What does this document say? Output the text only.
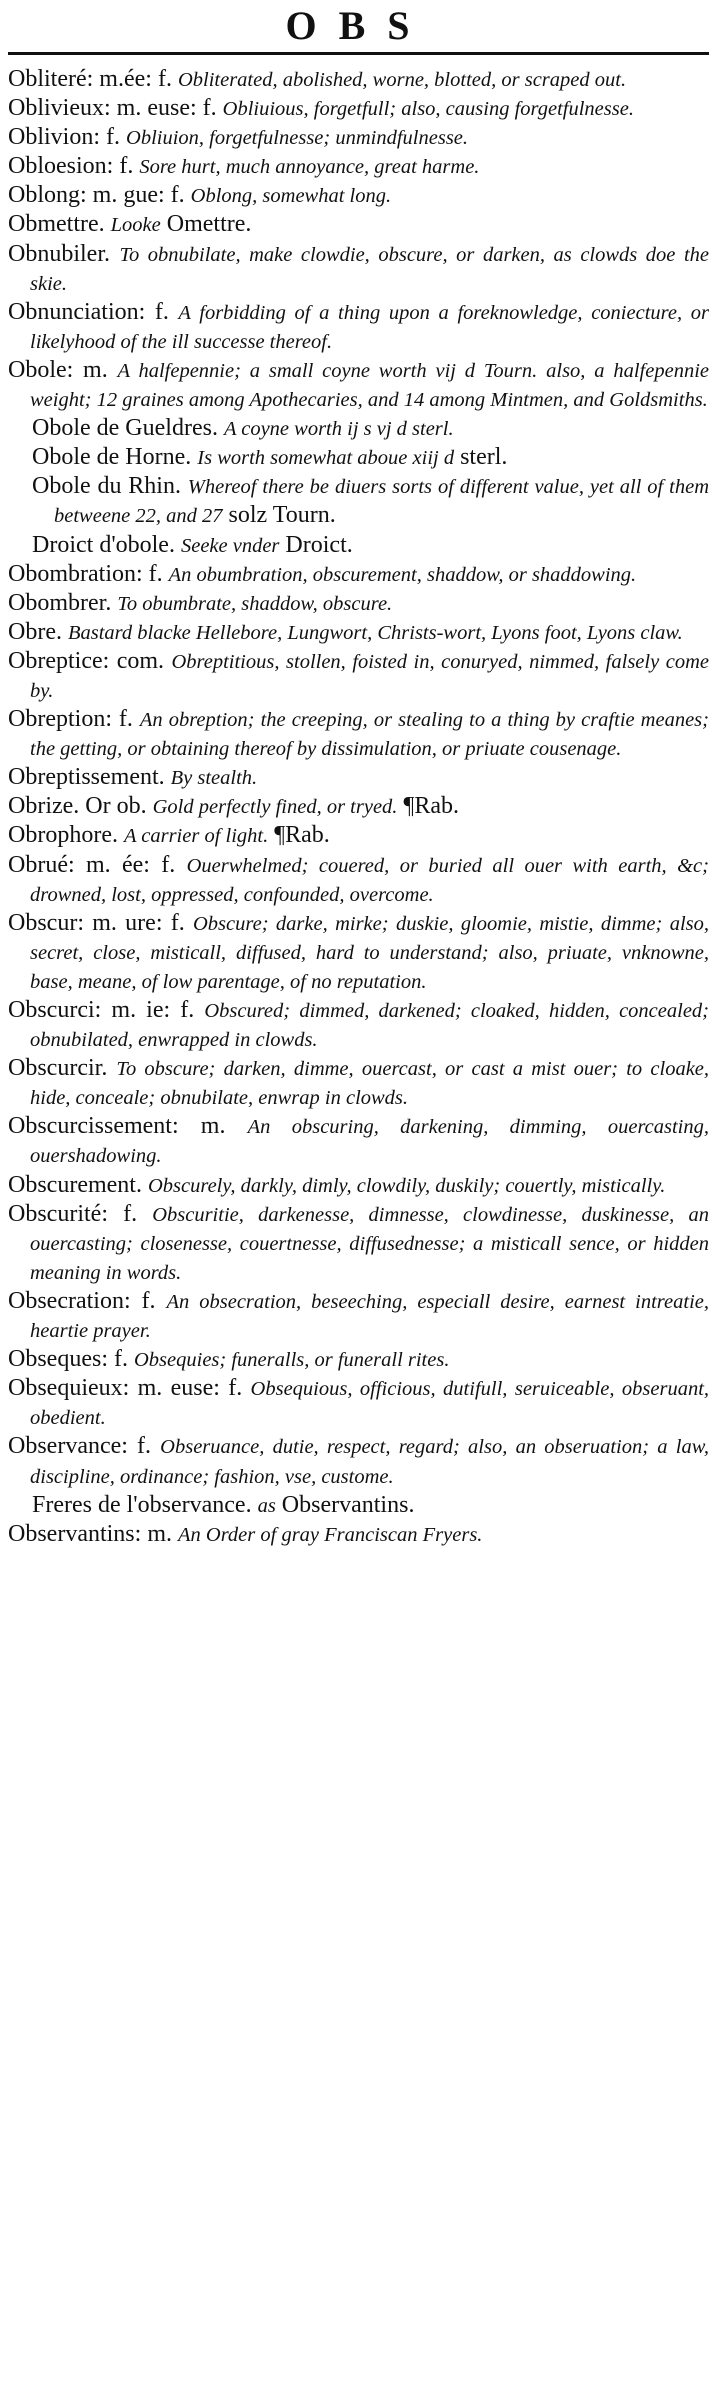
OBS

Obliteré: m.ée: f. Obliterated, abolished, worne, blotted, or scraped out.

Oblivieux: m. euse: f. Obliuious, forgetfull; also, causing forgetfulnesse.

Oblivion: f. Obliuion, forgetfulnesse; unmindfulnesse.

Obloesion: f. Sore hurt, much annoyance, great harme.

Oblong: m. gue: f. Oblong, somewhat long.

Obmettre. Looke Omettre.

Obnubiler. To obnubilate, make clowdie, obscure, or darken, as clowds doe the skie.

Obnunciation: f. A forbidding of a thing upon a foreknowledge, coniecture, or likelyhood of the ill successe thereof.

Obole: m. A halfepennie; a small coyne worth vij d Tourn. also, a halfepennie weight; 12 graines among Apothecaries, and 14 among Mintmen, and Goldsmiths.

Obole de Gueldres. A coyne worth ij s vj d sterl.

Obole de Horne. Is worth somewhat aboue xiij d sterl.

Obole du Rhin. Whereof there be diuers sorts of different value, yet all of them betweene 22, and 27 solz Tourn.

Droict d'obole. Seeke vnder Droict.

Obombration: f. An obumbration, obscurement, shaddow, or shaddowing.

Obombrer. To obumbrate, shaddow, obscure.

Obre. Bastard blacke Hellebore, Lungwort, Christs-wort, Lyons foot, Lyons claw.

Obreptice: com. Obreptitious, stollen, foisted in, conuryed, nimmed, falsely come by.

Obreption: f. An obreption; the creeping, or stealing to a thing by craftie meanes; the getting, or obtaining thereof by dissimulation, or priuate cousenage.

Obreptissement. By stealth.

Obrize. Or ob. Gold perfectly fined, or tryed. ¶Rab.

Obrophore. A carrier of light. ¶Rab.

Obrué: m. ée: f. Ouerwhelmed; couered, or buried all ouer with earth, &c; drowned, lost, oppressed, confounded, overcome.

Obscur: m. ure: f. Obscure; darke, mirke; duskie, gloomie, mistie, dimme; also, secret, close, misticall, diffused, hard to understand; also, priuate, vnknowne, base, meane, of low parentage, of no reputation.

Obscurci: m. ie: f. Obscured; dimmed, darkened; cloaked, hidden, concealed; obnubilated, enwrapped in clowds.

Obscurcir. To obscure; darken, dimme, ouercast, or cast a mist ouer; to cloake, hide, conceale; obnubilate, enwrap in clowds.

Obscurcissement: m. An obscuring, darkening, dimming, ouercasting, ouershadowing.

Obscurement. Obscurely, darkly, dimly, clowdily, duskily; couertly, mistically.

Obscurité: f. Obscuritie, darkenesse, dimnesse, clowdinesse, duskinesse, an ouercasting; closenesse, couertnesse, diffusednesse; a misticall sence, or hidden meaning in words.

Obsecration: f. An obsecration, beseeching, especiall desire, earnest intreatie, heartie prayer.

Obseques: f. Obsequies; funeralls, or funerall rites.

Obsequieux: m. euse: f. Obsequious, officious, dutifull, seruiceable, obseruant, obedient.

Observance: f. Obseruance, dutie, respect, regard; also, an obseruation; a law, discipline, ordinance; fashion, vse, custome.

Freres de l'observance. as Observantins.

Observantins: m. An Order of gray Franciscan Fryers.
